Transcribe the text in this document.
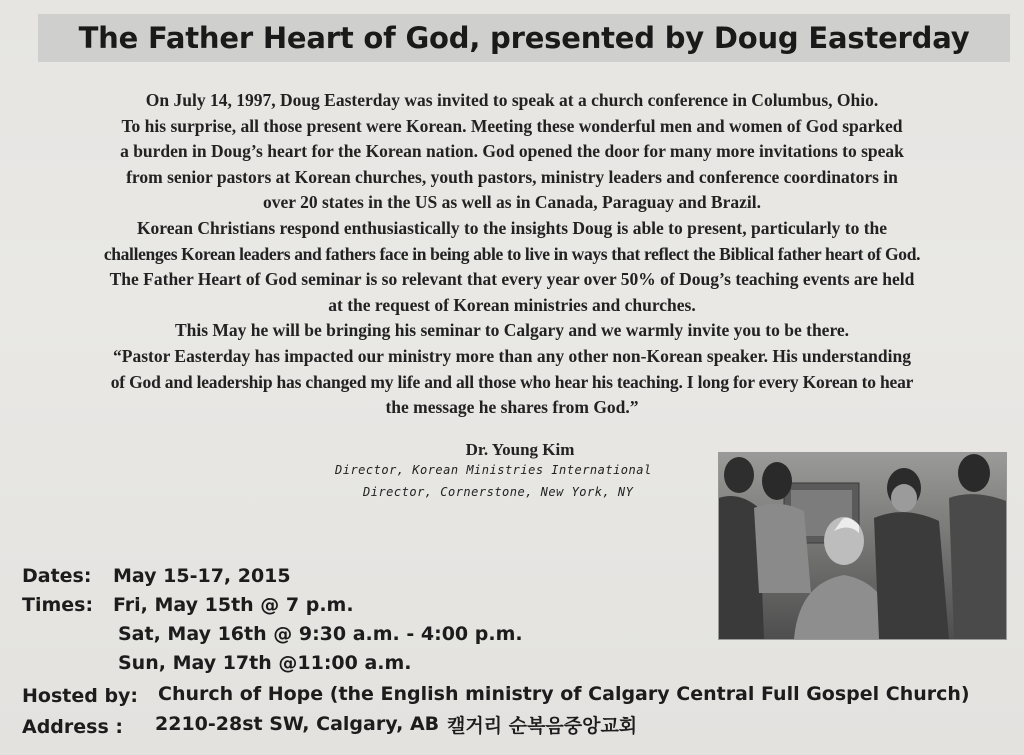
The Father Heart of God, presented by Doug Easterday
On July 14, 1997, Doug Easterday was invited to speak at a church conference in Columbus, Ohio.
To his surprise, all those present were Korean. Meeting these wonderful men and women of God sparked
a burden in Doug’s heart for the Korean nation. God opened the door for many more invitations to speak
from senior pastors at Korean churches, youth pastors, ministry leaders and conference coordinators in
over 20 states in the US as well as in Canada, Paraguay and Brazil.
Korean Christians respond enthusiastically to the insights Doug is able to present, particularly to the
challenges Korean leaders and fathers face in being able to live in ways that reflect the Biblical father heart of God.
The Father Heart of God seminar is so relevant that every year over 50% of Doug’s teaching events are held
at the request of Korean ministries and churches.
This May he will be bringing his seminar to Calgary and we warmly invite you to be there.
“Pastor Easterday has impacted our ministry more than any other non-Korean speaker. His understanding
of God and leadership has changed my life and all those who hear his teaching. I long for every Korean to hear
the message he shares from God.”
Dr. Young Kim
Director, Korean Ministries International
Director, Cornerstone, New York, NY
Dates: May 15-17, 2015
Times: Fri, May 15th @ 7 p.m.
Sat, May 16th @ 9:30 a.m. - 4:00 p.m.
Sun, May 17th @11:00 a.m.
Hosted by: Church of Hope (the English ministry of Calgary Central Full Gospel Church)
Address : 2210-28st SW, Calgary, AB 캘거리 순복음중앙교회
